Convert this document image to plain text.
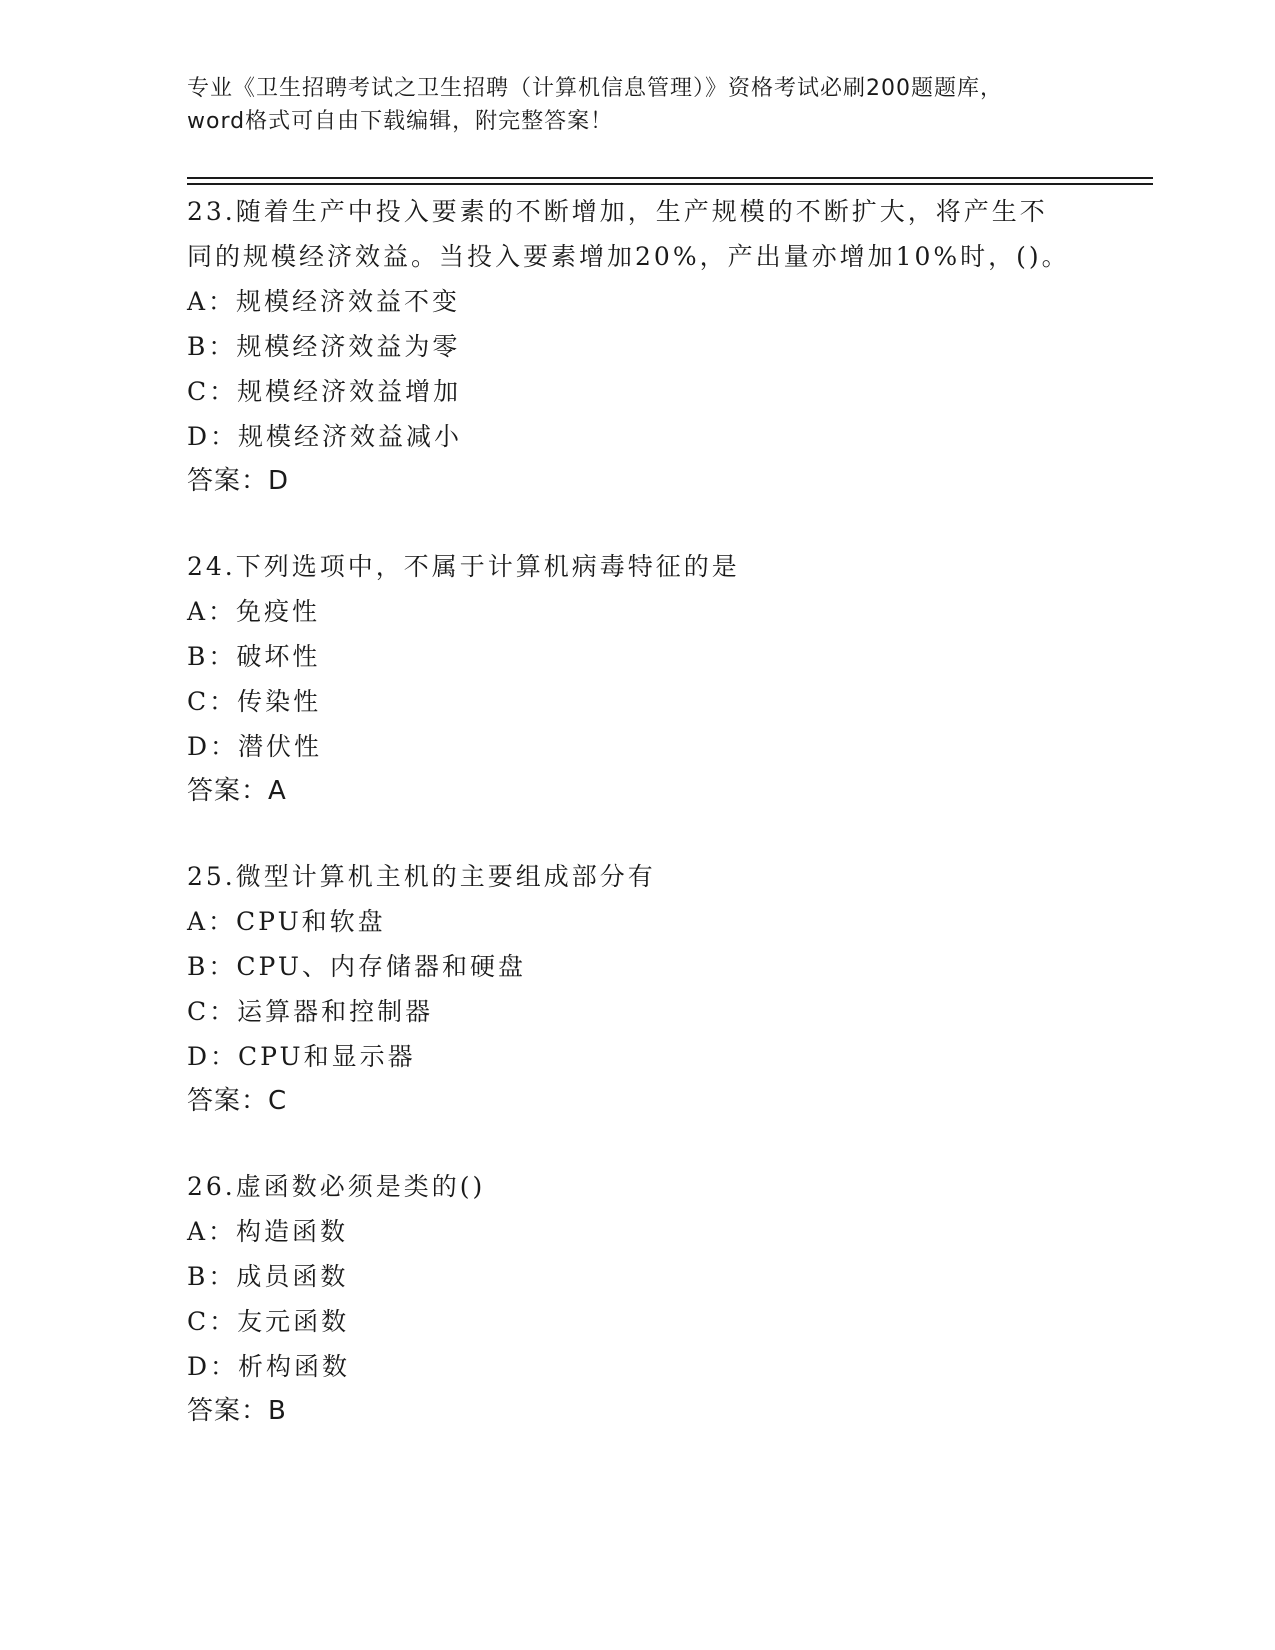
专业《卫生招聘考试之卫生招聘（计算机信息管理）》资格考试必刷200题题库，
word格式可自由下载编辑，附完整答案！

23.随着生产中投入要素的不断增加，生产规模的不断扩大，将产生不

同的规模经济效益。当投入要素增加20%，产出量亦增加10%时，()。

A：规模经济效益不变

B：规模经济效益为零

C：规模经济效益增加

D：规模经济效益减小

答案：D

24.下列选项中，不属于计算机病毒特征的是

A：免疫性

B：破坏性

C：传染性

D：潜伏性

答案：A

25.微型计算机主机的主要组成部分有

A：CPU和软盘

B：CPU、内存储器和硬盘

C：运算器和控制器

D：CPU和显示器

答案：C

26.虚函数必须是类的()

A：构造函数

B：成员函数

C：友元函数

D：析构函数

答案：B
